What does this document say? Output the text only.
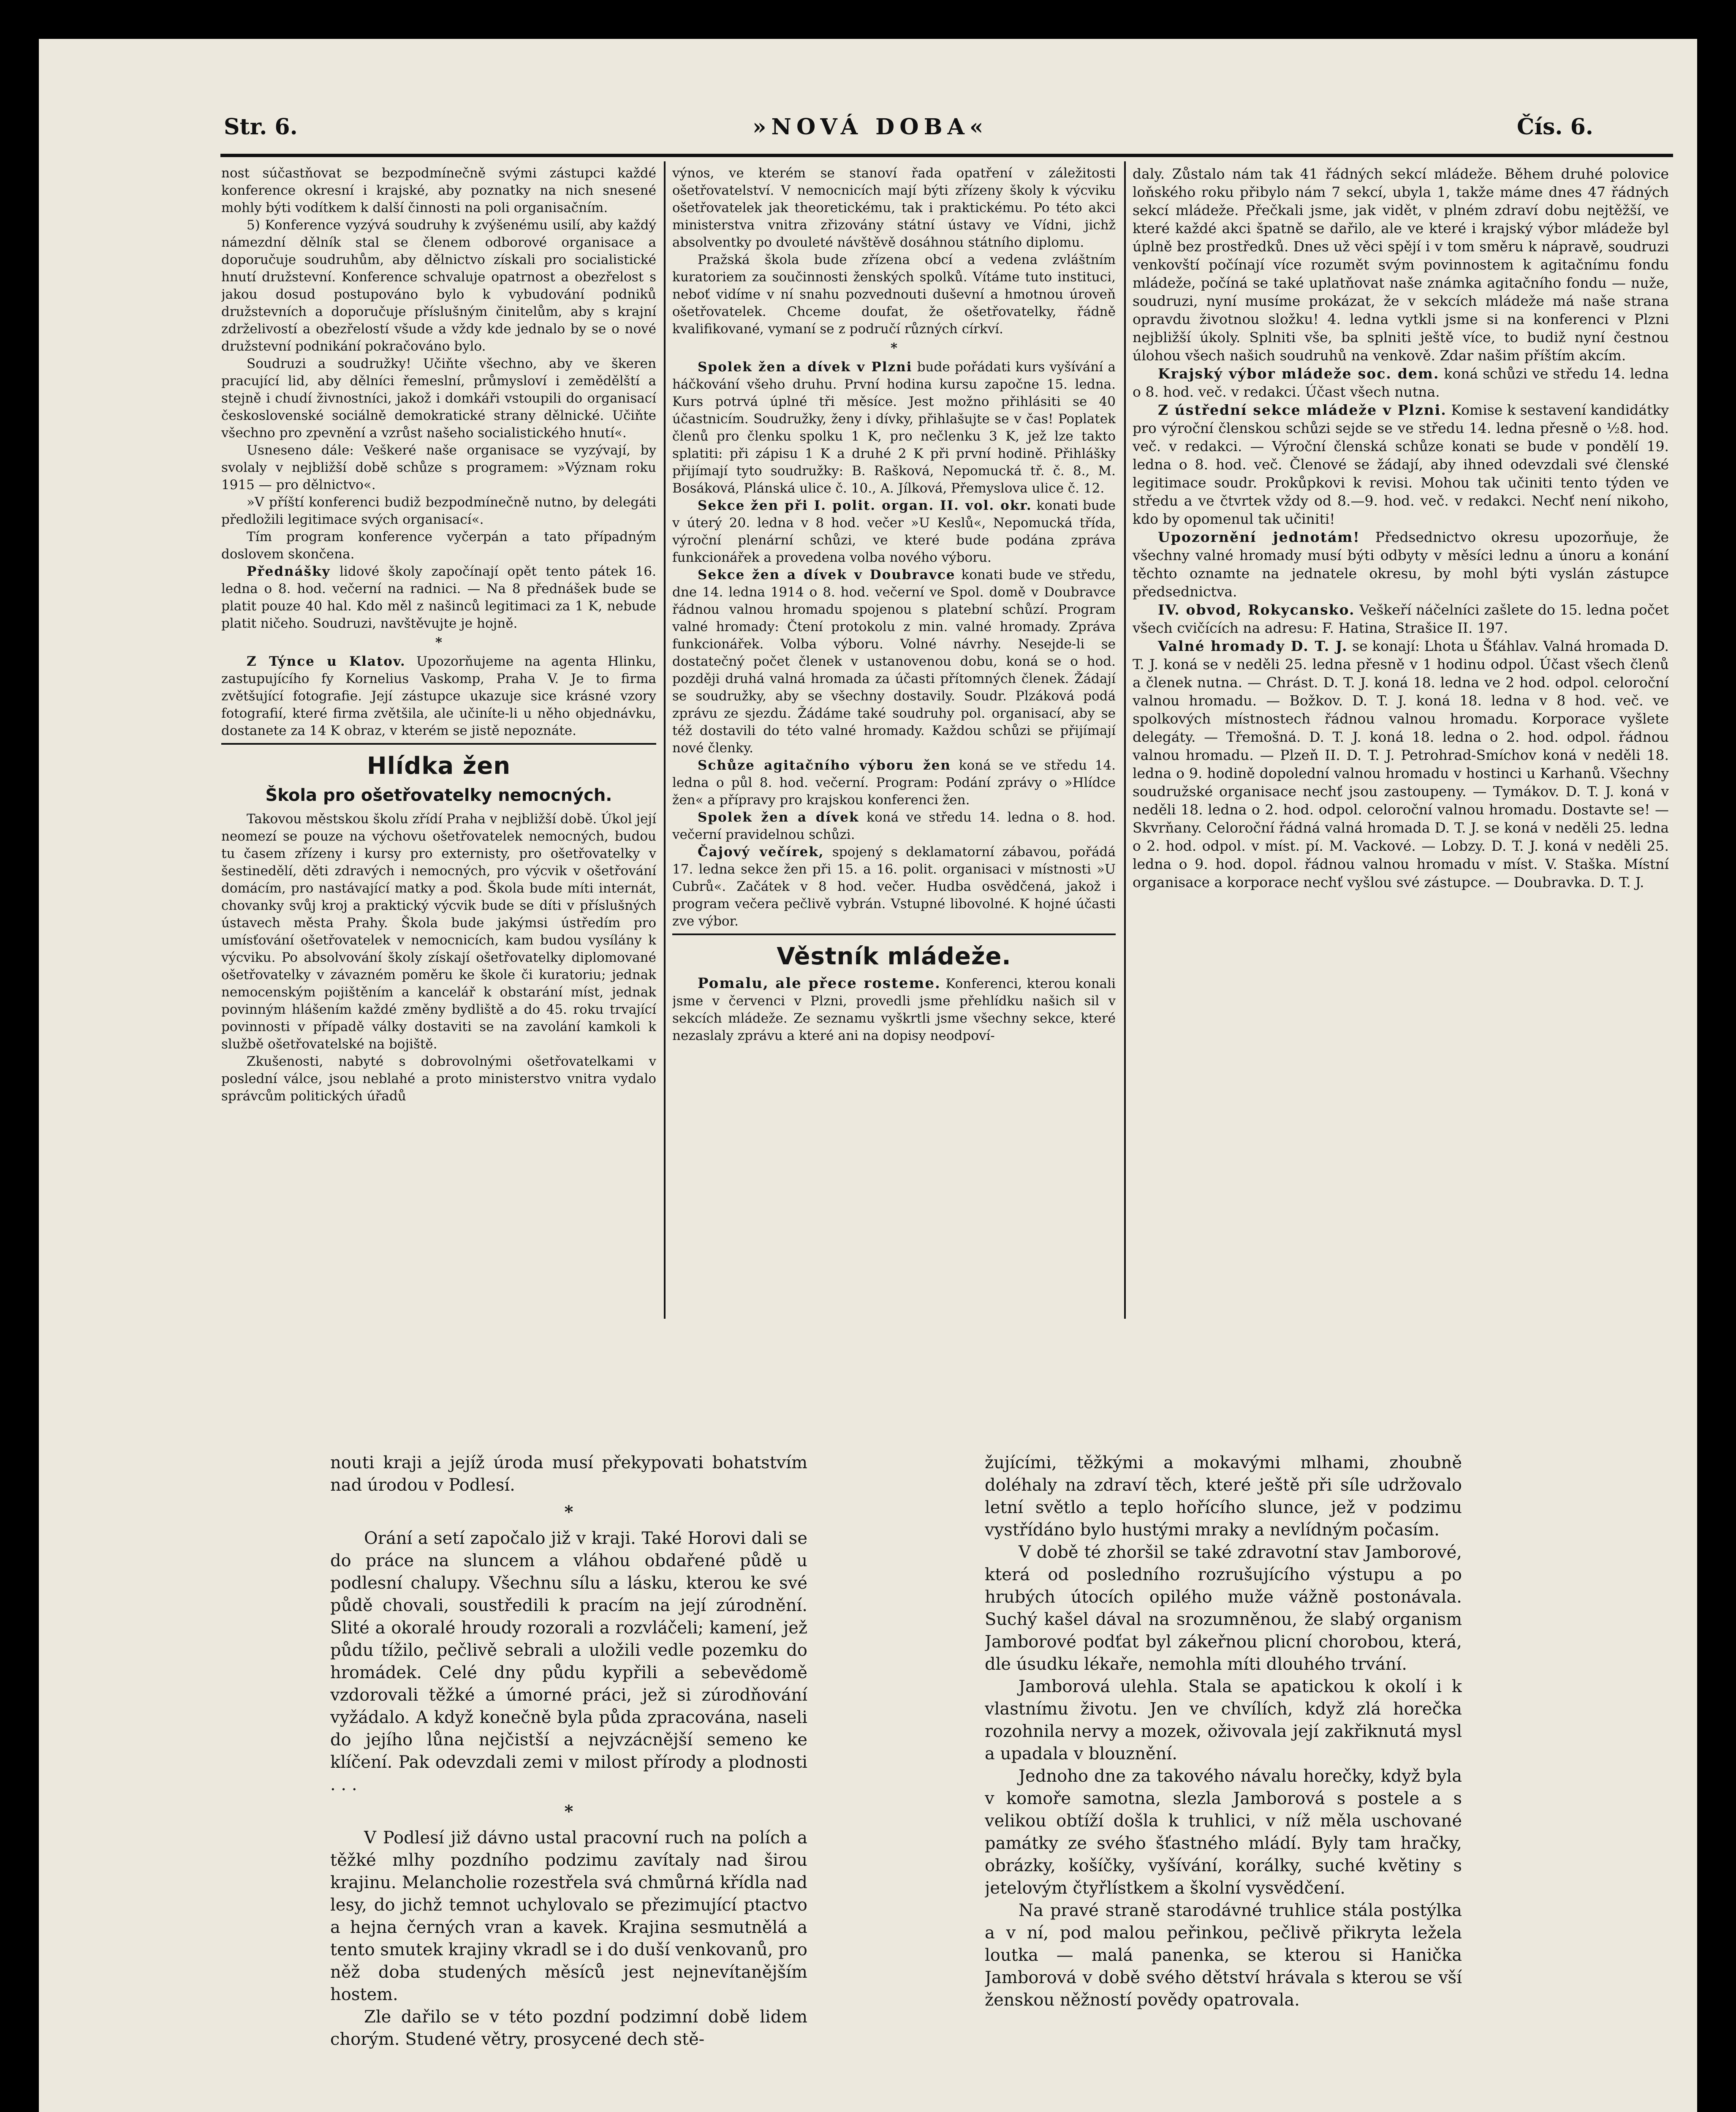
Str. 6.	»NOVÁ DOBA«	Čís. 6.

nost súčastňovat se bezpodmínečně svými zástupci každé konference okresní i krajské, aby poznatky na nich snesené mohly býti vodítkem k další činnosti na poli organisačním.

5) Konference vyzývá soudruhy k zvýšenému usilí, aby každý námezdní dělník stal se členem odborové organisace a doporučuje soudruhům, aby dělnictvo získali pro socialistické hnutí družstevní. Konference schvaluje opatrnost a obezřelost s jakou dosud postupováno bylo k vybudování podniků družstevních a doporučuje příslušným činitelům, aby s krajní zdrželivostí a obezřelostí všude a vždy kde jednalo by se o nové družstevní podnikání pokračováno bylo.

Soudruzi a soudružky! Učiňte všechno, aby ve škeren pracující lid, aby dělníci řemeslní, průmysloví i zemědělští a stejně i chudí živnostníci, jakož i domkáři vstoupili do organisací československé sociálně demokratické strany dělnické. Učiňte všechno pro zpevnění a vzrůst našeho socialistického hnutí«.

Usneseno dále: Veškeré naše organisace se vyzývají, by svolaly v nejbližší době schůze s programem: »Význam roku 1915 — pro dělnictvo«.

»V příští konferenci budiž bezpodmínečně nutno, by delegáti předložili legitimace svých organisací«.

Tím program konference vyčerpán a tato případným doslovem skončena.

Přednášky lidové školy započínají opět tento pátek 16. ledna o 8. hod. večerní na radnici. — Na 8 přednášek bude se platit pouze 40 hal. Kdo měl z našinců legitimaci za 1 K, nebude platit ničeho. Soudruzi, navštěvujte je hojně.

*

Z Týnce u Klatov. Upozorňujeme na agenta Hlinku, zastupujícího fy Kornelius Vaskomp, Praha V. Je to firma zvětšující fotografie. Její zástupce ukazuje sice krásné vzory fotografií, které firma zvětšila, ale učiníte-li u něho objednávku, dostanete za 14 K obraz, v kterém se jistě nepoznáte.

Hlídka žen

Škola pro ošetřovatelky nemocných.

Takovou městskou školu zřídí Praha v nejbližší době. Úkol její neomezí se pouze na výchovu ošetřovatelek nemocných, budou tu časem zřízeny i kursy pro externisty, pro ošetřovatelky v šestinedělí, děti zdravých i nemocných, pro výcvik v ošetřování domácím, pro nastávající matky a pod. Škola bude míti internát, chovanky svůj kroj a praktický výcvik bude se díti v příslušných ústavech města Prahy. Škola bude jakýmsi ústředím pro umísťování ošetřovatelek v nemocnicích, kam budou vysílány k výcviku. Po absolvování školy získají ošetřovatelky diplomované ošetřovatelky v závazném poměru ke škole či kuratoriu; jednak nemocenským pojištěním a kancelář k obstarání míst, jednak povinným hlášením každé změny bydliště a do 45. roku trvající povinnosti v případě války dostaviti se na zavolání kamkoli k službě ošetřovatelské na bojiště.

Zkušenosti, nabyté s dobrovolnými ošetřovatelkami v poslední válce, jsou neblahé a proto ministerstvo vnitra vydalo správcům politických úřadů

výnos, ve kterém se stanoví řada opatření v záležitosti ošetřovatelství. V nemocnicích mají býti zřízeny školy k výcviku ošetřovatelek jak theoretickému, tak i praktickému. Po této akci ministerstva vnitra zřizovány státní ústavy ve Vídni, jichž absolventky po dvouleté návštěvě dosáhnou státního diplomu.

Pražská škola bude zřízena obcí a vedena zvláštním kuratoriem za součinnosti ženských spolků. Vítáme tuto instituci, neboť vidíme v ní snahu pozvednouti duševní a hmotnou úroveň ošetřovatelek. Chceme doufat, že ošetřovatelky, řádně kvalifikované, vymaní se z područí různých církví.

*

Spolek žen a dívek v Plzni bude pořádati kurs vyšívání a háčkování všeho druhu. První hodina kursu započne 15. ledna. Kurs potrvá úplné tři měsíce. Jest možno přihlásiti se 40 účastnicím. Soudružky, ženy i dívky, přihlašujte se v čas! Poplatek členů pro členku spolku 1 K, pro nečlenku 3 K, jež lze takto splatiti: při zápisu 1 K a druhé 2 K při první hodině. Přihlášky přijímají tyto soudružky: B. Rašková, Nepomucká tř. č. 8., M. Bosáková, Plánská ulice č. 10., A. Jílková, Přemyslova ulice č. 12.

Sekce žen při I. polit. organ. II. vol. okr. konati bude v úterý 20. ledna v 8 hod. večer »U Keslů«, Nepomucká třída, výroční plenární schůzi, ve které bude podána zpráva funkcionářek a provedena volba nového výboru.

Sekce žen a dívek v Doubravce konati bude ve středu, dne 14. ledna 1914 o 8. hod. večerní ve Spol. domě v Doubravce řádnou valnou hromadu spojenou s platební schůzí. Program valné hromady: Čtení protokolu z min. valné hromady. Zpráva funkcionářek. Volba výboru. Volné návrhy. Nesejde-li se dostatečný počet členek v ustanovenou dobu, koná se o hod. později druhá valná hromada za účasti přítomných členek. Žádají se soudružky, aby se všechny dostavily. Soudr. Plzáková podá zprávu ze sjezdu. Žádáme také soudruhy pol. organisací, aby se též dostavili do této valné hromady. Každou schůzi se přijímají nové členky.

Schůze agitačního výboru žen koná se ve středu 14. ledna o půl 8. hod. večerní. Program: Podání zprávy o »Hlídce žen« a přípravy pro krajskou konferenci žen.

Spolek žen a dívek koná ve středu 14. ledna o 8. hod. večerní pravidelnou schůzi.

Čajový večírek, spojený s deklamatorní zábavou, pořádá 17. ledna sekce žen při 15. a 16. polit. organisaci v místnosti »U Cubrů«. Začátek v 8 hod. večer. Hudba osvědčená, jakož i program večera pečlivě vybrán. Vstupné libovolné. K hojné účasti zve výbor.

Věstník mládeže.

Pomalu, ale přece rosteme. Konferenci, kterou konali jsme v červenci v Plzni, provedli jsme přehlídku našich sil v sekcích mládeže. Ze seznamu vyškrtli jsme všechny sekce, které nezaslaly zprávu a které ani na dopisy neodpoví-

daly. Zůstalo nám tak 41 řádných sekcí mládeže. Během druhé polovice loňského roku přibylo nám 7 sekcí, ubyla 1, takže máme dnes 47 řádných sekcí mládeže. Přečkali jsme, jak vidět, v plném zdraví dobu nejtěžší, ve které každé akci špatně se dařilo, ale ve které i krajský výbor mládeže byl úplně bez prostředků. Dnes už věci spějí i v tom směru k nápravě, soudruzi venkovští počínají více rozumět svým povinnostem k agitačnímu fondu mládeže, počíná se také uplatňovat naše známka agitačního fondu — nuže, soudruzi, nyní musíme prokázat, že v sekcích mládeže má naše strana opravdu životnou složku! 4. ledna vytkli jsme si na konferenci v Plzni nejbližší úkoly. Splniti vše, ba splniti ještě více, to budiž nyní čestnou úlohou všech našich soudruhů na venkově. Zdar našim příštím akcím.

Krajský výbor mládeže soc. dem. koná schůzi ve středu 14. ledna o 8. hod. več. v redakci. Účast všech nutna.

Z ústřední sekce mládeže v Plzni. Komise k sestavení kandidátky pro výroční členskou schůzi sejde se ve středu 14. ledna přesně o ½8. hod. več. v redakci. — Výroční členská schůze konati se bude v pondělí 19. ledna o 8. hod. več. Členové se žádají, aby ihned odevzdali své členské legitimace soudr. Prokůpkovi k revisi. Mohou tak učiniti tento týden ve středu a ve čtvrtek vždy od 8.—9. hod. več. v redakci. Nechť není nikoho, kdo by opomenul tak učiniti!

Upozornění jednotám! Předsednictvo okresu upozorňuje, že všechny valné hromady musí býti odbyty v měsíci lednu a únoru a konání těchto oznamte na jednatele okresu, by mohl býti vyslán zástupce předsednictva.

IV. obvod, Rokycansko. Veškeří náčelníci zašlete do 15. ledna počet všech cvičících na adresu: F. Hatina, Strašice II. 197.

Valné hromady D. T. J. se konají: Lhota u Šťáhlav. Valná hromada D. T. J. koná se v neděli 25. ledna přesně v 1 hodinu odpol. Účast všech členů a členek nutna. — Chrást. D. T. J. koná 18. ledna ve 2 hod. odpol. celoroční valnou hromadu. — Božkov. D. T. J. koná 18. ledna v 8 hod. več. ve spolkových místnostech řádnou valnou hromadu. Korporace vyšlete delegáty. — Třemošná. D. T. J. koná 18. ledna o 2. hod. odpol. řádnou valnou hromadu. — Plzeň II. D. T. J. Petrohrad-Smíchov koná v neděli 18. ledna o 9. hodině dopolední valnou hromadu v hostinci u Karhanů. Všechny soudružské organisace nechť jsou zastoupeny. — Tymákov. D. T. J. koná v neděli 18. ledna o 2. hod. odpol. celoroční valnou hromadu. Dostavte se! — Skvrňany. Celoroční řádná valná hromada D. T. J. se koná v neděli 25. ledna o 2. hod. odpol. v míst. pí. M. Vackové. — Lobzy. D. T. J. koná v neděli 25. ledna o 9. hod. dopol. řádnou valnou hromadu v míst. V. Staška. Místní organisace a korporace nechť vyšlou své zástupce. — Doubravka. D. T. J.

nouti kraji a jejíž úroda musí překypovati bohatstvím nad úrodou v Podlesí.

*

Orání a setí započalo již v kraji. Také Horovi dali se do práce na sluncem a vláhou obdařené půdě u podlesní chalupy. Všechnu sílu a lásku, kterou ke své půdě chovali, soustředili k pracím na její zúrodnění. Slité a okoralé hroudy rozorali a rozvláčeli; kamení, jež půdu tížilo, pečlivě sebrali a uložili vedle pozemku do hromádek. Celé dny půdu kypřili a sebevědomě vzdorovali těžké a úmorné práci, jež si zúrodňování vyžádalo. A když konečně byla půda zpracována, naseli do jejího lůna nejčistší a nejvzácnější semeno ke klíčení. Pak odevzdali zemi v milost přírody a plodnosti . . .

*

V Podlesí již dávno ustal pracovní ruch na polích a těžké mlhy pozdního podzimu zavítaly nad širou krajinu. Melancholie rozestřela svá chmůrná křídla nad lesy, do jichž temnot uchylovalo se přezimující ptactvo a hejna černých vran a kavek. Krajina sesmutnělá a tento smutek krajiny vkradl se i do duší venkovanů, pro něž doba studených měsíců jest nejnevítanějším hostem.

Zle dařilo se v této pozdní podzimní době lidem chorým. Studené větry, prosycené dech stě-

žujícími, těžkými a mokavými mlhami, zhoubně doléhaly na zdraví těch, které ještě při síle udržovalo letní světlo a teplo hořícího slunce, jež v podzimu vystřídáno bylo hustými mraky a nevlídným počasím.

V době té zhoršil se také zdravotní stav Jamborové, která od posledního rozrušujícího výstupu a po hrubých útocích opilého muže vážně postonávala. Suchý kašel dával na srozumněnou, že slabý organism Jamborové podťat byl zákeřnou plicní chorobou, která, dle úsudku lékaře, nemohla míti dlouhého trvání.

Jamborová ulehla. Stala se apatickou k okolí i k vlastnímu životu. Jen ve chvílích, když zlá horečka rozohnila nervy a mozek, oživovala její zakřiknutá mysl a upadala v blouznění.

Jednoho dne za takového návalu horečky, když byla v komoře samotna, slezla Jamborová s postele a s velikou obtíží došla k truhlici, v níž měla uschované památky ze svého šťastného mládí. Byly tam hračky, obrázky, košíčky, vyšívání, korálky, suché květiny s jetelovým čtyřlístkem a školní vysvědčení.

Na pravé straně starodávné truhlice stála postýlka a v ní, pod malou peřinkou, pečlivě přikryta ležela loutka — malá panenka, se kterou si Hanička Jamborová v době svého dětství hrávala s kterou se vší ženskou něžností povědy opatrovala.
